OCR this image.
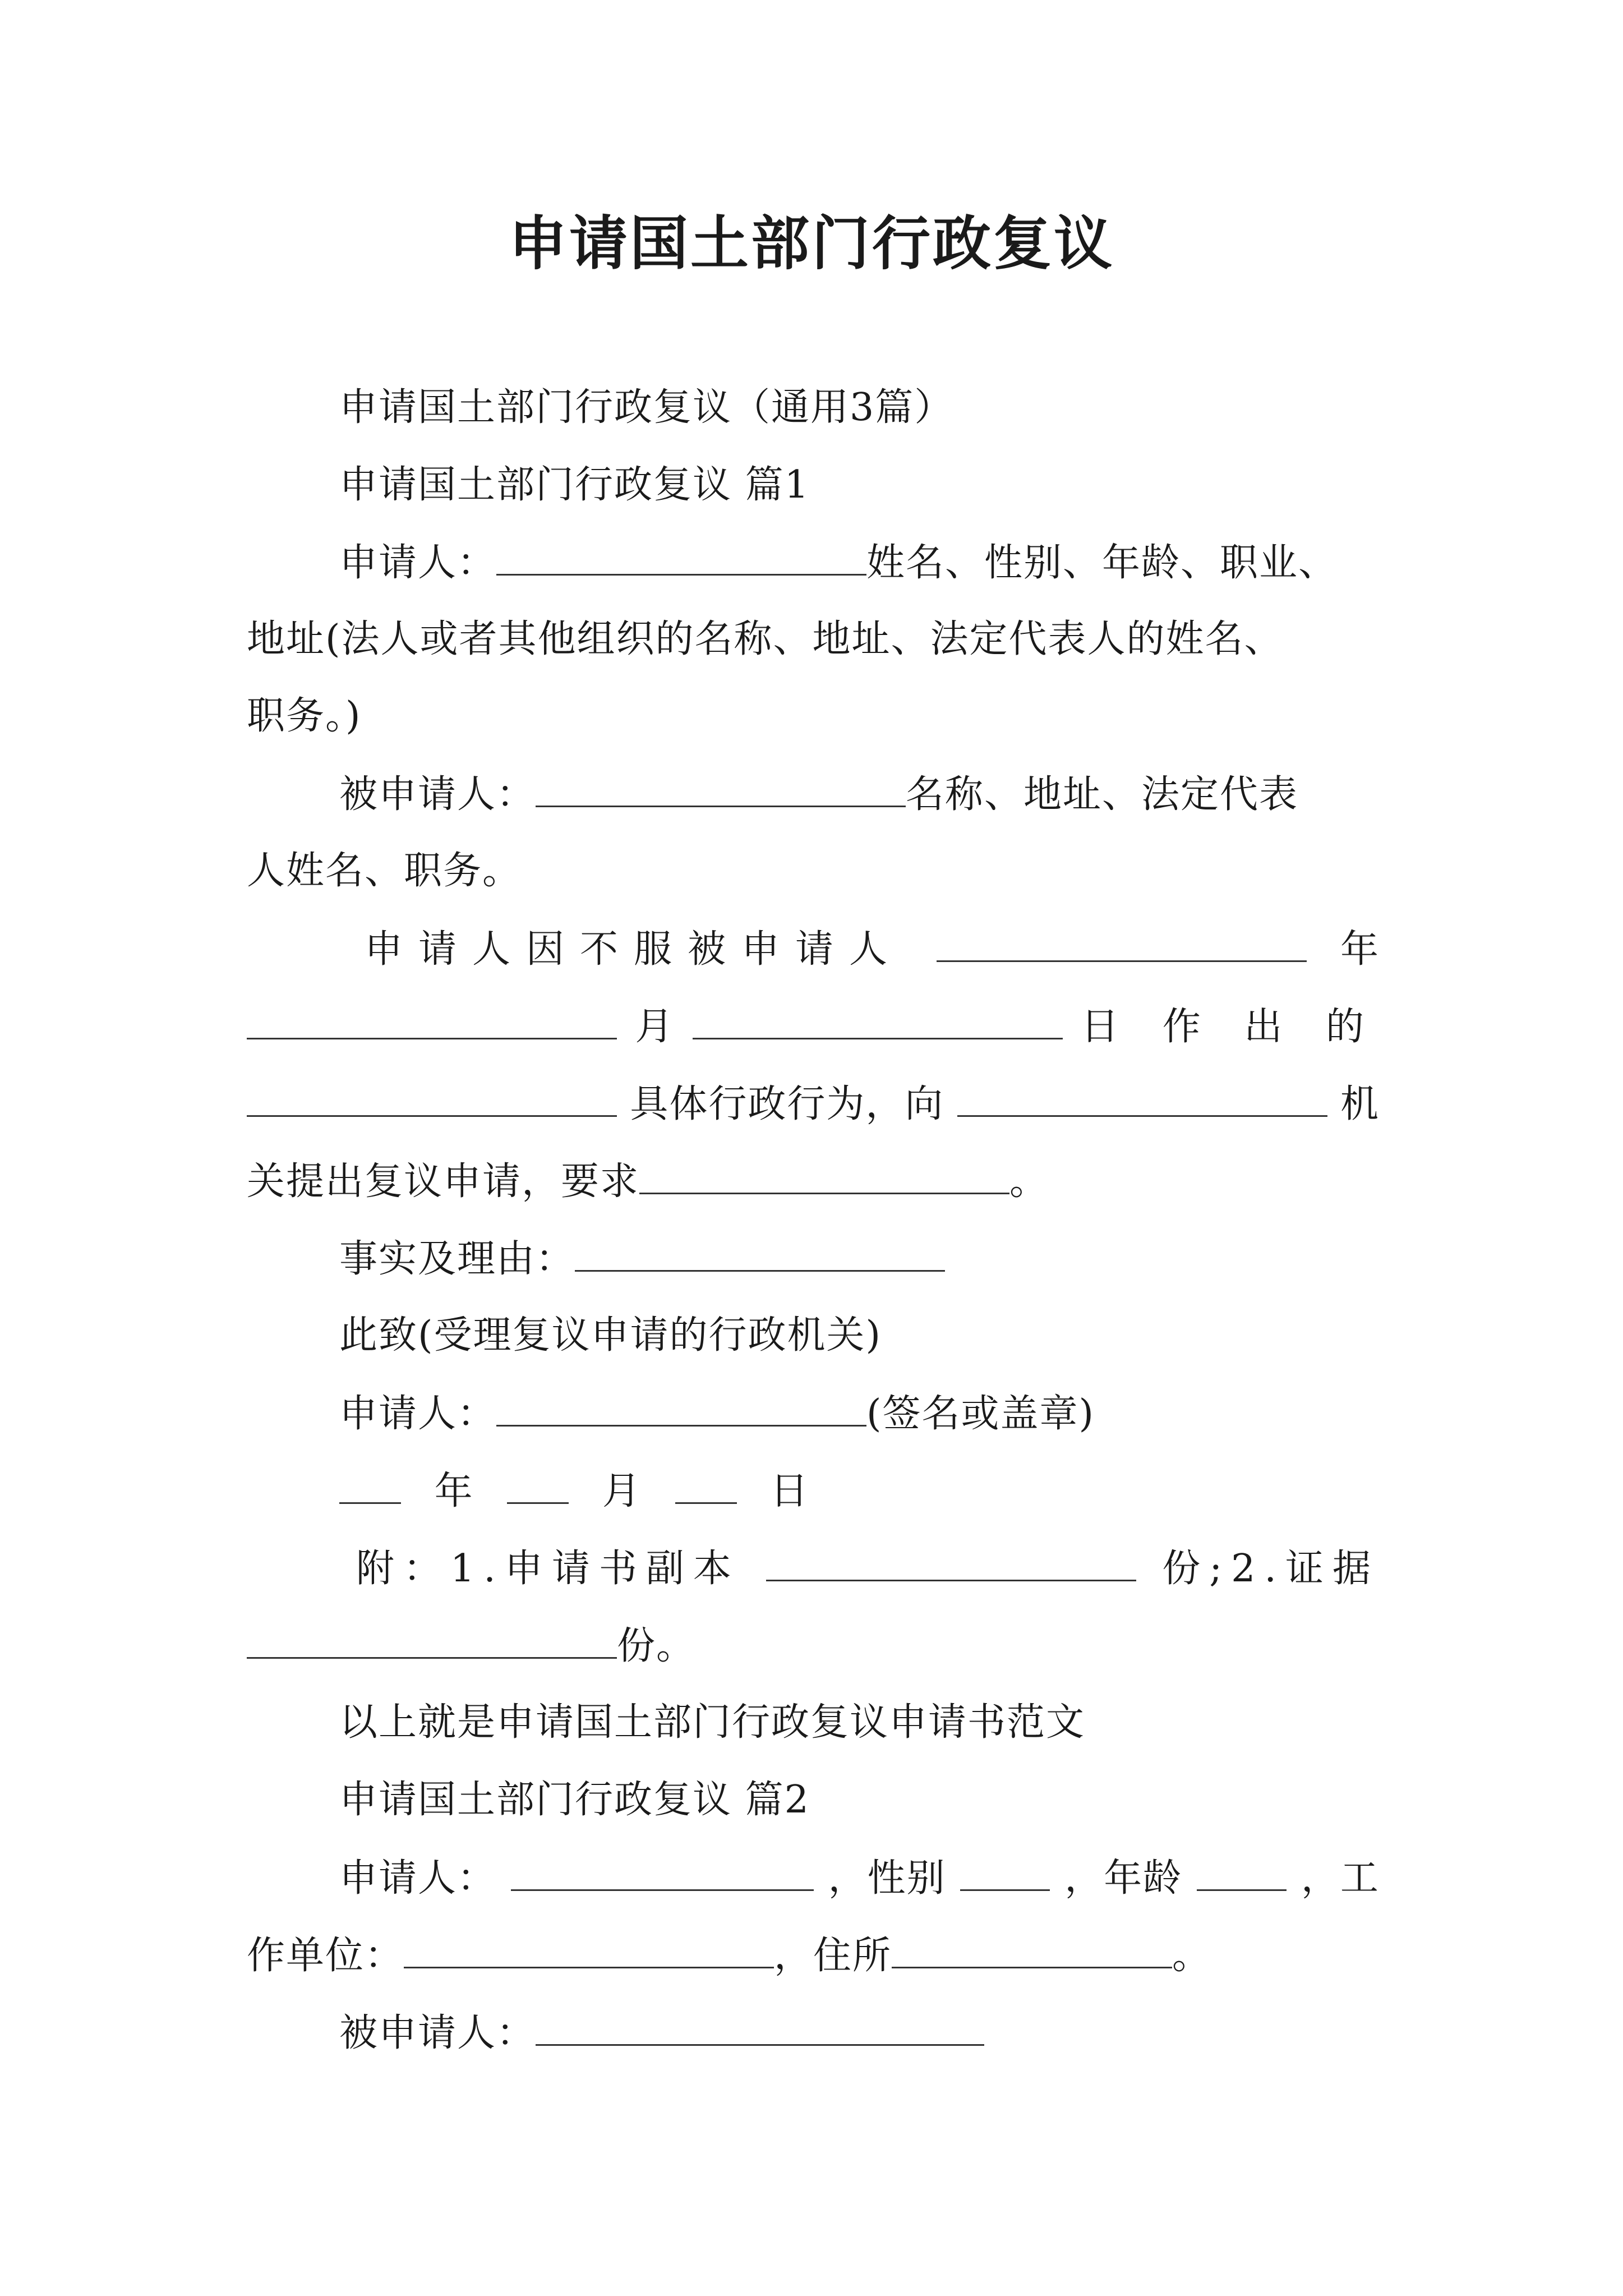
申请国土部门行政复议
申请国土部门行政复议（通用3篇）
申请国土部门行政复议 篇1
申请人：	姓名、性别、年龄、职业、
地址(法人或者其他组织的名称、地址、法定代表人的姓名、
职务。)
被申请人：	名称、地址、法定代表
人姓名、职务。
申请人因不服被申请人	年
月	日 作 出 的
具体行政行为，向	机
关提出复议申请，要求	。
事实及理由：
此致(受理复议申请的行政机关)
申请人：	(签名或盖章)
年	月	日
附：1.申请书副本	份;2.证据
份。
以上就是申请国土部门行政复议申请书范文
申请国土部门行政复议 篇2
申请人：	，性别	，年龄	，工
作单位：	，住所	。
被申请人：
